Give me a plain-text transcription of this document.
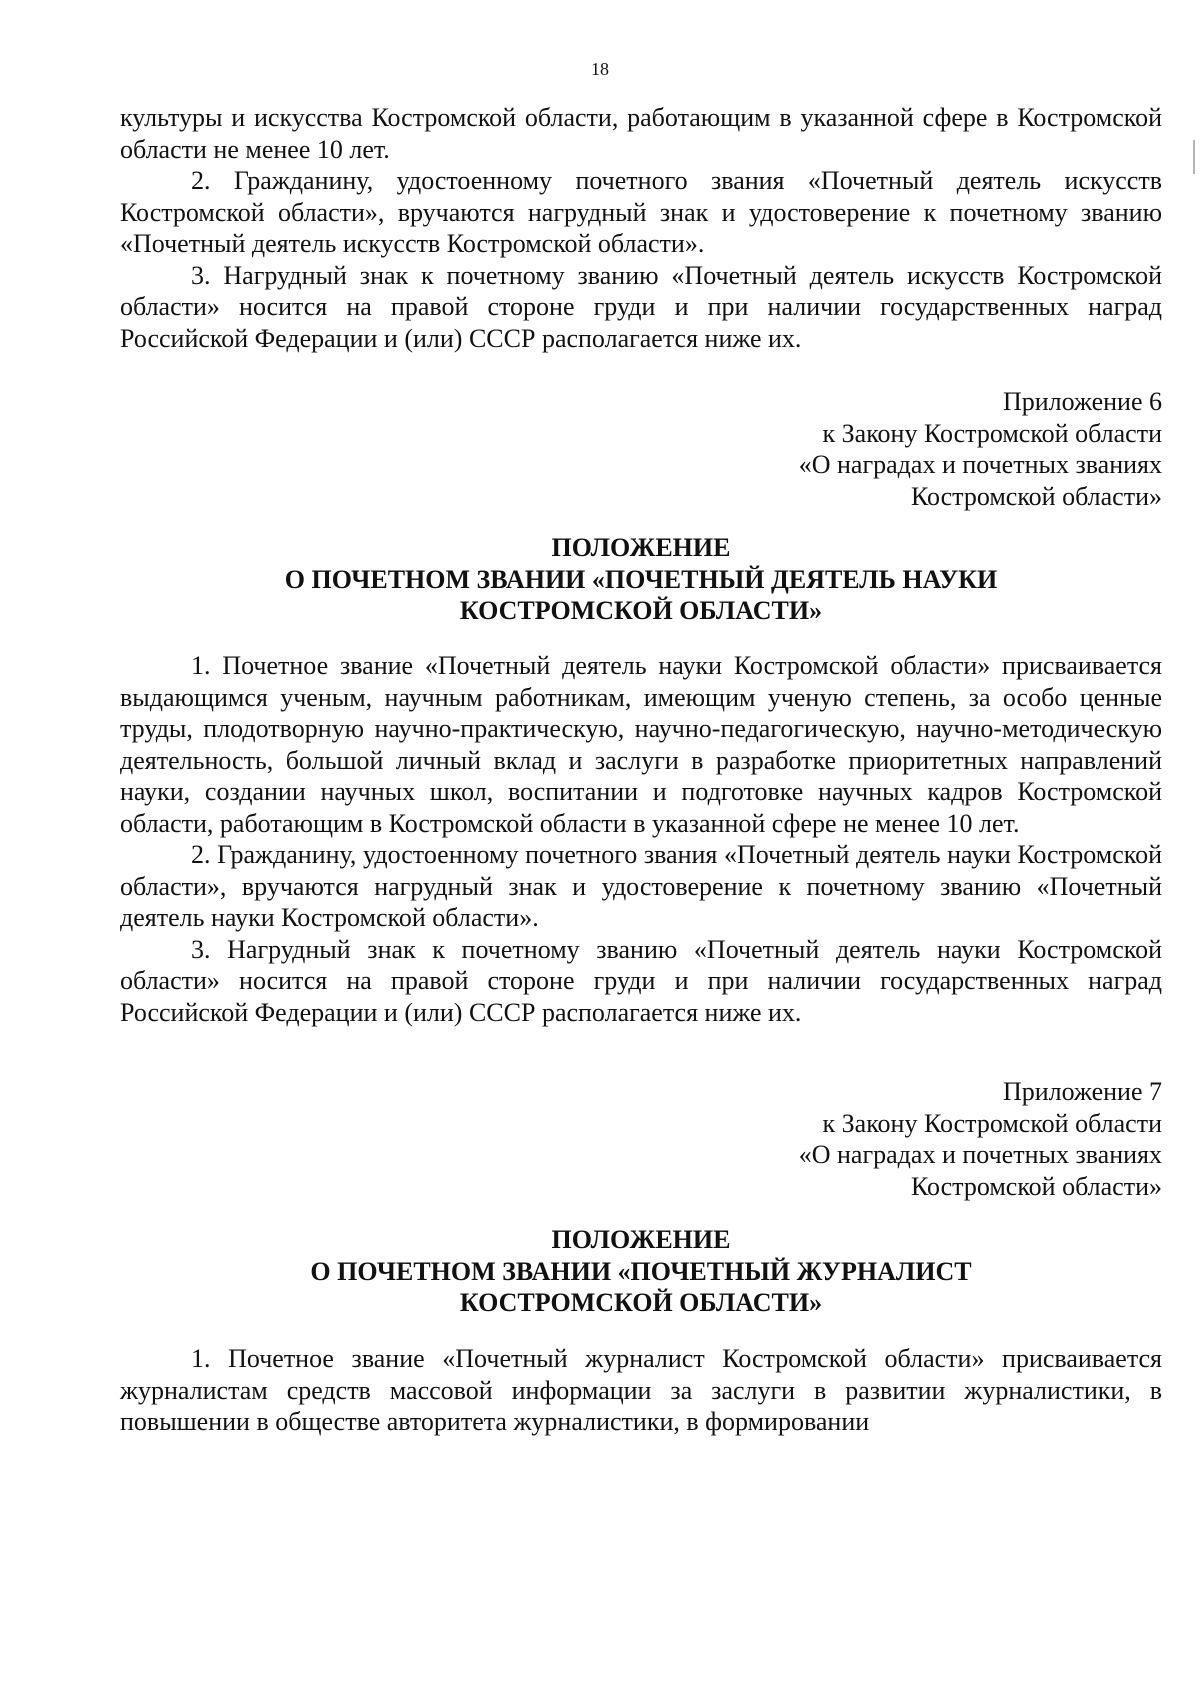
18

культуры и искусства Костромской области, работающим в указанной сфере в Костромской области не менее 10 лет.

2. Гражданину, удостоенному почетного звания «Почетный деятель искусств Костромской области», вручаются нагрудный знак и удостоверение к почетному званию «Почетный деятель искусств Костромской области».

3. Нагрудный знак к почетному званию «Почетный деятель искусств Костромской области» носится на правой стороне груди и при наличии государственных наград Российской Федерации и (или) СССР располагается ниже их.

Приложение 6
к Закону Костромской области
«О наградах и почетных званиях
Костромской области»
ПОЛОЖЕНИЕ
О ПОЧЕТНОМ ЗВАНИИ «ПОЧЕТНЫЙ ДЕЯТЕЛЬ НАУКИ
КОСТРОМСКОЙ ОБЛАСТИ»

1. Почетное звание «Почетный деятель науки Костромской области» присваивается выдающимся ученым, научным работникам, имеющим ученую степень, за особо ценные труды, плодотворную научно-практическую, научно-педагогическую, научно-методическую деятельность, большой личный вклад и заслуги в разработке приоритетных направлений науки, создании научных школ, воспитании и подготовке научных кадров Костромской области, работающим в Костромской области в указанной сфере не менее 10 лет.

2. Гражданину, удостоенному почетного звания «Почетный деятель науки Костромской области», вручаются нагрудный знак и удостоверение к почетному званию «Почетный деятель науки Костромской области».

3. Нагрудный знак к почетному званию «Почетный деятель науки Костромской области» носится на правой стороне груди и при наличии государственных наград Российской Федерации и (или) СССР располагается ниже их.

Приложение 7
к Закону Костромской области
«О наградах и почетных званиях
Костромской области»
ПОЛОЖЕНИЕ
О ПОЧЕТНОМ ЗВАНИИ «ПОЧЕТНЫЙ ЖУРНАЛИСТ
КОСТРОМСКОЙ ОБЛАСТИ»

1. Почетное звание «Почетный журналист Костромской области» присваивается журналистам средств массовой информации за заслуги в развитии журналистики, в повышении в обществе авторитета журналистики, в формировании
